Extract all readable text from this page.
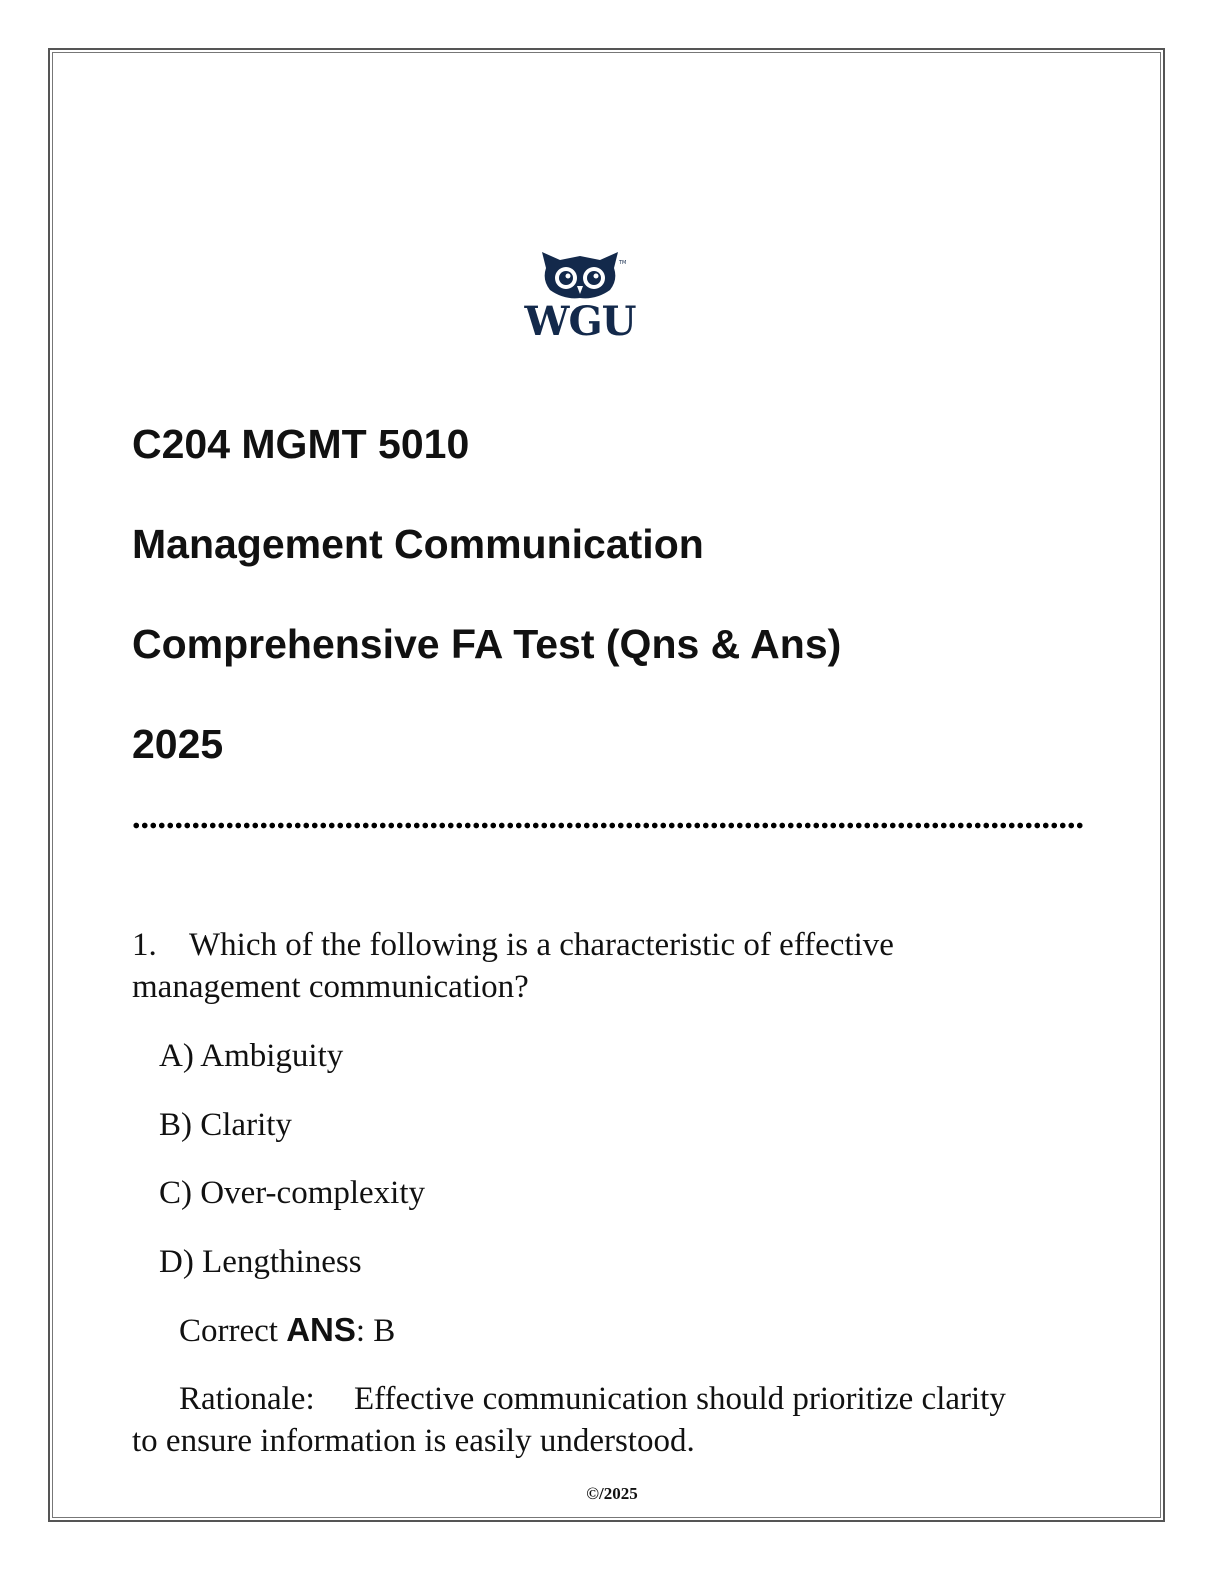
TM
WGU
C204 MGMT 5010
Management Communication
Comprehensive FA Test (Qns & Ans)
2025
1. Which of the following is a characteristic of effective
management communication?
A) Ambiguity
B) Clarity
C) Over-complexity
D) Lengthiness
Correct ANS: B
Rationale: Effective communication should prioritize clarity
to ensure information is easily understood.
©/2025
